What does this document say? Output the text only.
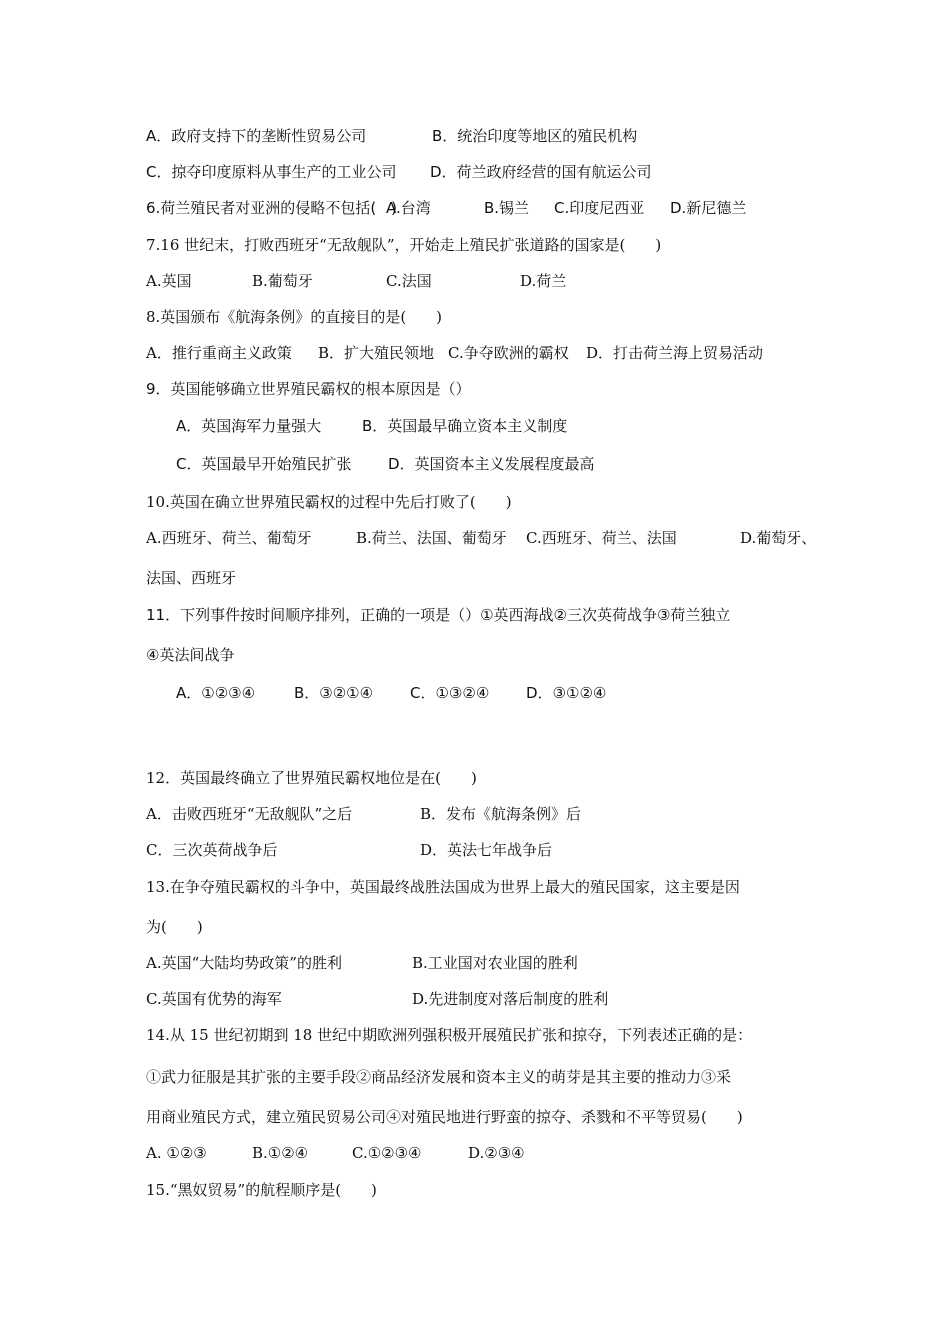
A．政府支持下的垄断性贸易公司	B．统治印度等地区的殖民机构
C．掠夺印度原料从事生产的工业公司 D．荷兰政府经营的国有航运公司
6.荷兰殖民者对亚洲的侵略不包括(　)
A.台湾	B.锡兰 C.印度尼西亚 D.新尼德兰
7.16 世纪末，打败西班牙“无敌舰队”，开始走上殖民扩张道路的国家是(　　)
A.英国	B.葡萄牙	C.法国	D.荷兰
8.英国颁布《航海条例》的直接目的是(　　)
A．推行重商主义政策 B．扩大殖民领地 C.争夺欧洲的霸权 D．打击荷兰海上贸易活动
9．英国能够确立世界殖民霸权的根本原因是（）
A．英国海军力量强大	B．英国最早确立资本主义制度
C．英国最早开始殖民扩张 D．英国资本主义发展程度最高
10.英国在确立世界殖民霸权的过程中先后打败了(　　)
A.西班牙、荷兰、葡萄牙	B.荷兰、法国、葡萄牙 C.西班牙、荷兰、法国	D.葡萄牙、
法国、西班牙
11．下列事件按时间顺序排列，正确的一项是（）①英西海战②三次英荷战争③荷兰独立
④英法间战争
A．①②③④	B．③②①④ C．①③②④ D．③①②④
12．英国最终确立了世界殖民霸权地位是在(　　)
A．击败西班牙“无敌舰队”之后	B．发布《航海条例》后
C．三次英荷战争后	D．英法七年战争后
13.在争夺殖民霸权的斗争中，英国最终战胜法国成为世界上最大的殖民国家，这主要是因
为(　　)
A.英国“大陆均势政策”的胜利	B.工业国对农业国的胜利
C.英国有优势的海军	D.先进制度对落后制度的胜利
14.从 15 世纪初期到 18 世纪中期欧洲列强积极开展殖民扩张和掠夺，下列表述正确的是：
①武力征服是其扩张的主要手段②商品经济发展和资本主义的萌芽是其主要的推动力③采
用商业殖民方式，建立殖民贸易公司④对殖民地进行野蛮的掠夺、杀戮和不平等贸易(　　)
A. ①②③	B.①②④	C.①②③④	D.②③④
15.“黑奴贸易”的航程顺序是(　　)
